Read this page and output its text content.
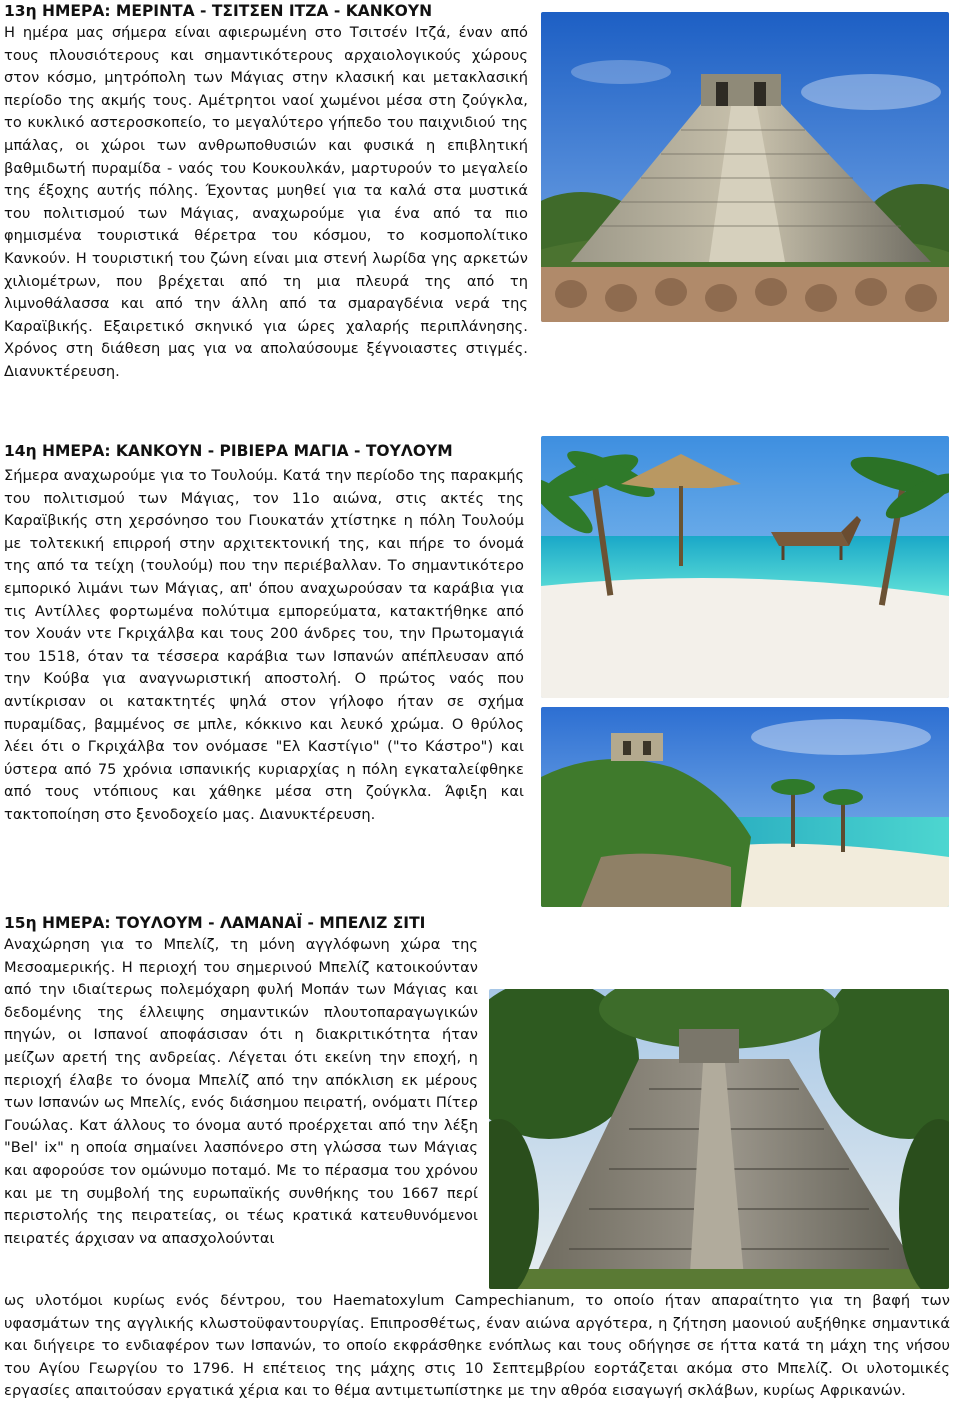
13η ΗΜΕΡΑ: ΜΕΡΙΝΤΑ - ΤΣΙΤΣΕΝ ΙΤΖΑ - ΚΑΝΚΟΥΝ

Η ημέρα μας σήμερα είναι αφιερωμένη στο Τσιτσέν Ιτζά, έναν από τους πλουσιότερους και σημαντικότερους αρχαιολογικούς χώρους στον κόσμο, μητρόπολη των Μάγιας στην κλασική και μετακλασική περίοδο της ακμής τους. Αμέτρητοι ναοί χωμένοι μέσα στη ζούγκλα, το κυκλικό αστεροσκοπείο, το μεγαλύτερο γήπεδο του παιχνιδιού της μπάλας, οι χώροι των ανθρωποθυσιών και φυσικά η επιβλητική βαθμιδωτή πυραμίδα - ναός του Κουκουλκάν, μαρτυρούν το μεγαλείο της έξοχης αυτής πόλης. Έχοντας μυηθεί για τα καλά στα μυστικά του πολιτισμού των Μάγιας, αναχωρούμε για ένα από τα πιο φημισμένα τουριστικά θέρετρα του κόσμου, το κοσμοπολίτικο Κανκούν. Η τουριστική του ζώνη είναι μια στενή λωρίδα γης αρκετών χιλιομέτρων, που βρέχεται από τη μια πλευρά της από τη λιμνοθάλασσα και από την άλλη από τα σμαραγδένια νερά της Καραϊβικής. Εξαιρετικό σκηνικό για ώρες χαλαρής περιπλάνησης. Χρόνος στη διάθεση μας για να απολαύσουμε ξέγνοιαστες στιγμές. Διανυκτέρευση.

14η ΗΜΕΡΑ: ΚΑΝΚΟΥΝ - ΡΙΒΙΕΡΑ ΜΑΓΙΑ - ΤΟΥΛΟΥΜ

Σήμερα αναχωρούμε για το Τουλούμ. Κατά την περίοδο της παρακμής του πολιτισμού των Μάγιας, τον 11ο αιώνα, στις ακτές της Καραϊβικής στη χερσόνησο του Γιουκατάν χτίστηκε η πόλη Τουλούμ με τολτεκική επιρροή στην αρχιτεκτονική της, και πήρε το όνομά της από τα τείχη (τουλούμ) που την περιέβαλλαν. Το σημαντικότερο εμπορικό λιμάνι των Μάγιας, απ' όπου αναχωρούσαν τα καράβια για τις Αντίλλες φορτωμένα πολύτιμα εμπορεύματα, κατακτήθηκε από τον Χουάν ντε Γκριχάλβα και τους 200 άνδρες του, την Πρωτομαγιά του 1518, όταν τα τέσσερα καράβια των Ισπανών απέπλευσαν από την Κούβα για αναγνωριστική αποστολή. Ο πρώτος ναός που αντίκρισαν οι κατακτητές ψηλά στον γήλοφο ήταν σε σχήμα πυραμίδας, βαμμένος σε μπλε, κόκκινο και λευκό χρώμα. Ο θρύλος λέει ότι ο Γκριχάλβα τον ονόμασε "Ελ Καστίγιο" ("το Κάστρο") και ύστερα από 75 χρόνια ισπανικής κυριαρχίας η πόλη εγκαταλείφθηκε από τους ντόπιους και χάθηκε μέσα στη ζούγκλα. Άφιξη και τακτοποίηση στο ξενοδοχείο μας. Διανυκτέρευση.

15η ΗΜΕΡΑ: ΤΟΥΛΟΥΜ - ΛΑΜΑΝΑΪ - ΜΠΕΛΙΖ ΣΙΤΙ

Αναχώρηση για το Μπελίζ, τη μόνη αγγλόφωνη χώρα της Μεσοαμερικής. Η περιοχή του σημερινού Μπελίζ κατοικούνταν από την ιδιαίτερως πολεμόχαρη φυλή Μοπάν των Μάγιας και δεδομένης της έλλειψης σημαντικών πλουτοπαραγωγικών πηγών, οι Ισπανοί αποφάσισαν ότι η διακριτικότητα ήταν μείζων αρετή της ανδρείας. Λέγεται ότι εκείνη την εποχή, η περιοχή έλαβε το όνομα Μπελίζ από την απόκλιση εκ μέρους των Ισπανών ως Μπελίς, ενός διάσημου πειρατή, ονόματι Πίτερ Γουώλας. Κατ άλλους το όνομα αυτό προέρχεται από την λέξη "Bel' ix" η οποία σημαίνει λασπόνερο στη γλώσσα των Μάγιας και αφορούσε τον ομώνυμο ποταμό. Με το πέρασμα του χρόνου και με τη συμβολή της ευρωπαϊκής συνθήκης του 1667 περί περιστολής της πειρατείας, οι τέως κρατικά κατευθυνόμενοι πειρατές άρχισαν να απασχολούνται

ως υλοτόμοι κυρίως ενός δέντρου, του Haematoxylum Campechianum, το οποίο ήταν απαραίτητο για τη βαφή των υφασμάτων της αγγλικής κλωστοϋφαντουργίας. Επιπροσθέτως, έναν αιώνα αργότερα, η ζήτηση μαονιού αυξήθηκε σημαντικά και διήγειρε το ενδιαφέρον των Ισπανών, το οποίο εκφράσθηκε ενόπλως και τους οδήγησε σε ήττα κατά τη μάχη της νήσου του Αγίου Γεωργίου το 1796. Η επέτειος της μάχης στις 10 Σεπτεμβρίου εορτάζεται ακόμα στο Μπελίζ. Οι υλοτομικές εργασίες απαιτούσαν εργατικά χέρια και το θέμα αντιμετωπίστηκε με την αθρόα εισαγωγή σκλάβων, κυρίως Αφρικανών.
